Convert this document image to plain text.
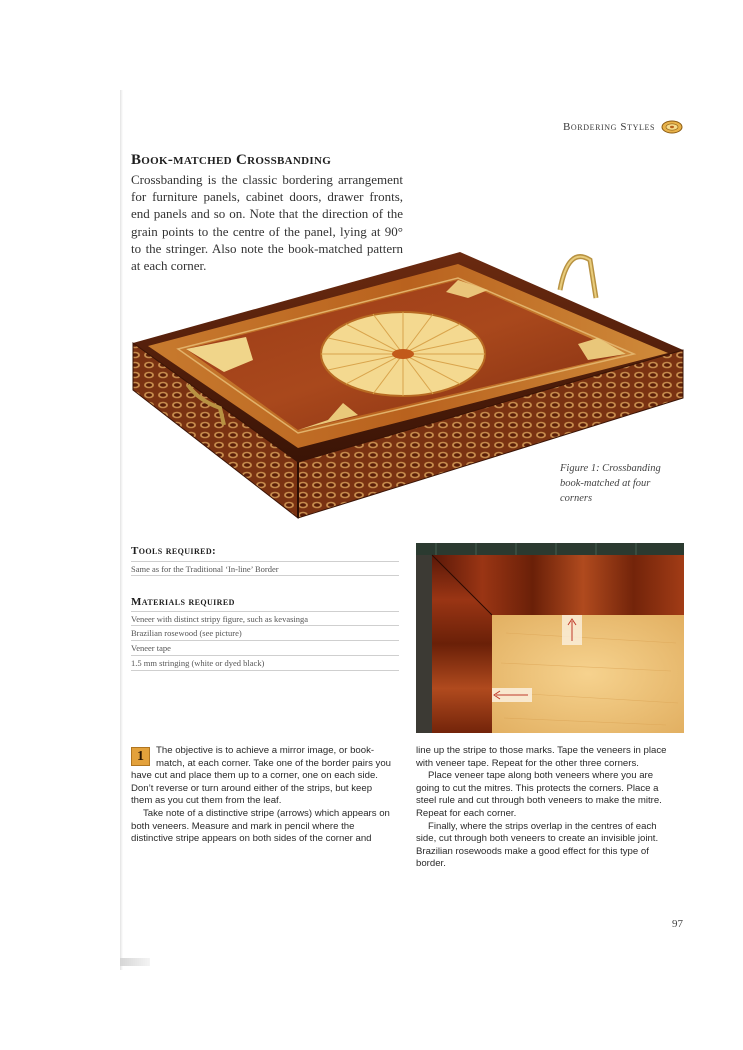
Bordering Styles
Book-matched Crossbanding
Crossbanding is the classic bordering arrangement for furniture panels, cabinet doors, drawer fronts, end panels and so on. Note that the direction of the grain points to the centre of the panel, lying at 90° to the stringer. Also note the book-matched pattern at each corner.
Figure 1: Crossbanding book-matched at four corners
Tools required:
Same as for the Traditional ‘In-line’ Border
Materials required
Veneer with distinct stripy figure, such as kevasinga
Brazilian rosewood (see picture)
Veneer tape
1.5 mm stringing (white or dyed black)
1	The objective is to achieve a mirror image, or book-match, at each corner. Take one of the border pairs you have cut and place them up to a corner, one on each side. Don’t reverse or turn around either of the strips, but keep them as you cut them from the leaf.

Take note of a distinctive stripe (arrows) which appears on both veneers. Measure and mark in pencil where the distinctive stripe appears on both sides of the corner and

line up the stripe to those marks. Tape the veneers in place with veneer tape. Repeat for the other three corners.

Place veneer tape along both veneers where you are going to cut the mitres. This protects the corners. Place a steel rule and cut through both veneers to make the mitre. Repeat for each corner.

Finally, where the strips overlap in the centres of each side, cut through both veneers to create an invisible joint. Brazilian rosewoods make a good effect for this type of border.

97
